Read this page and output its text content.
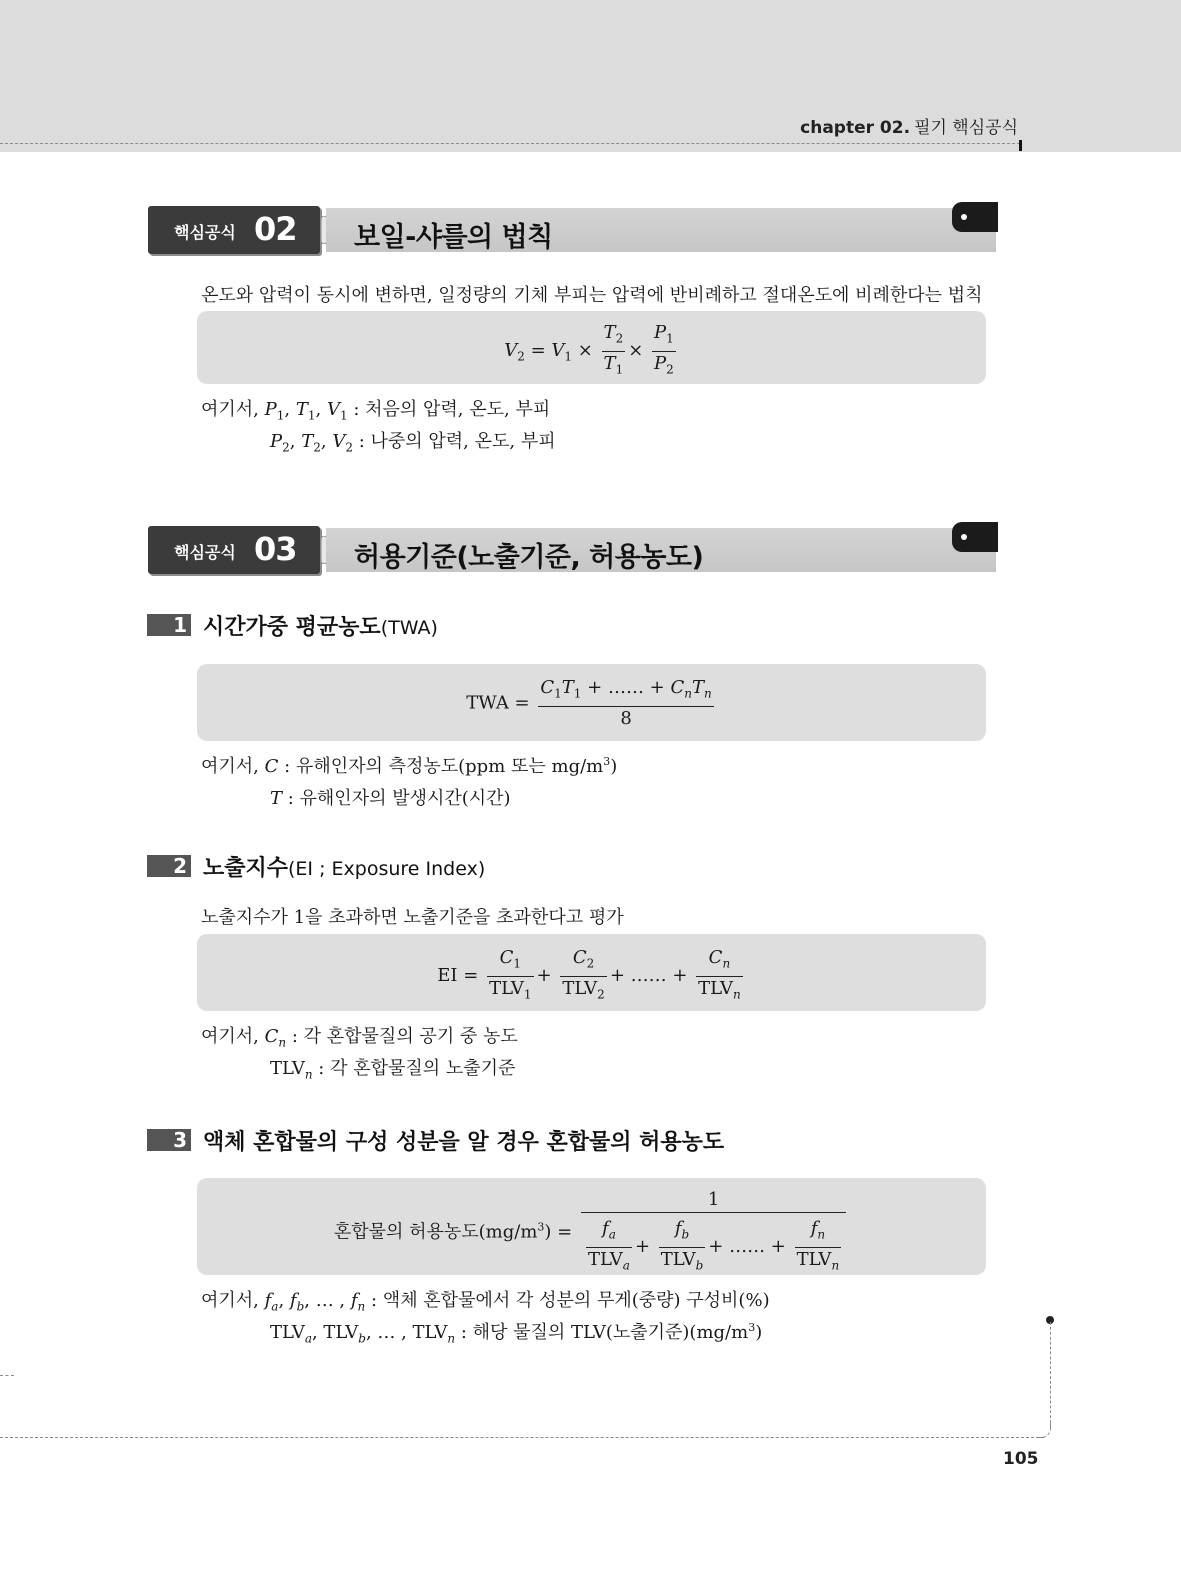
chapter 02. 필기 핵심공식
핵심공식 02 보일-샤를의 법칙
온도와 압력이 동시에 변하면, 일정량의 기체 부피는 압력에 반비례하고 절대온도에 비례한다는 법칙
$V_2 = V_1 \times \frac{T_2}{T_1} \times \frac{P_1}{P_2}$
여기서, $P_1$, $T_1$, $V_1$ : 처음의 압력, 온도, 부피
$P_2$, $T_2$, $V_2$ : 나중의 압력, 온도, 부피
핵심공식 03 허용기준(노출기준, 허용농도)
1 시간가중 평균농도(TWA)
TWA = $\frac{C_1T_1 + \dots\dots + C_nT_n}{8}$
여기서, C : 유해인자의 측정농도(ppm 또는 $mg/m^3$)
T : 유해인자의 발생시간(시간)
2 노출지수(EI ; Exposure Index)
노출지수가 1을 초과하면 노출기준을 초과한다고 평가
EI = $\frac{C_1}{TLV_1} + \frac{C_2}{TLV_2}$ + …… + $\frac{C_n}{TLV_n}$
여기서, $C_n$ : 각 혼합물질의 공기 중 농도
$TLV_n$ : 각 혼합물질의 노출기준
3 액체 혼합물의 구성 성분을 알 경우 혼합물의 허용농도
혼합물의 허용농도$(mg/m^3) = \frac{1}{\frac{f_a}{TLV_a} + \frac{f_b}{TLV_b} + \dots\dots + \frac{f_n}{TLV_n}}$
여기서, $f_a$, $f_b$, … , $f_n$ : 액체 혼합물에서 각 성분의 무게(중량) 구성비(%)
$TLV_a$, $TLV_b$, … , $TLV_n$ : 해당 물질의 TLV(노출기준)$(mg/m^3)$
105
